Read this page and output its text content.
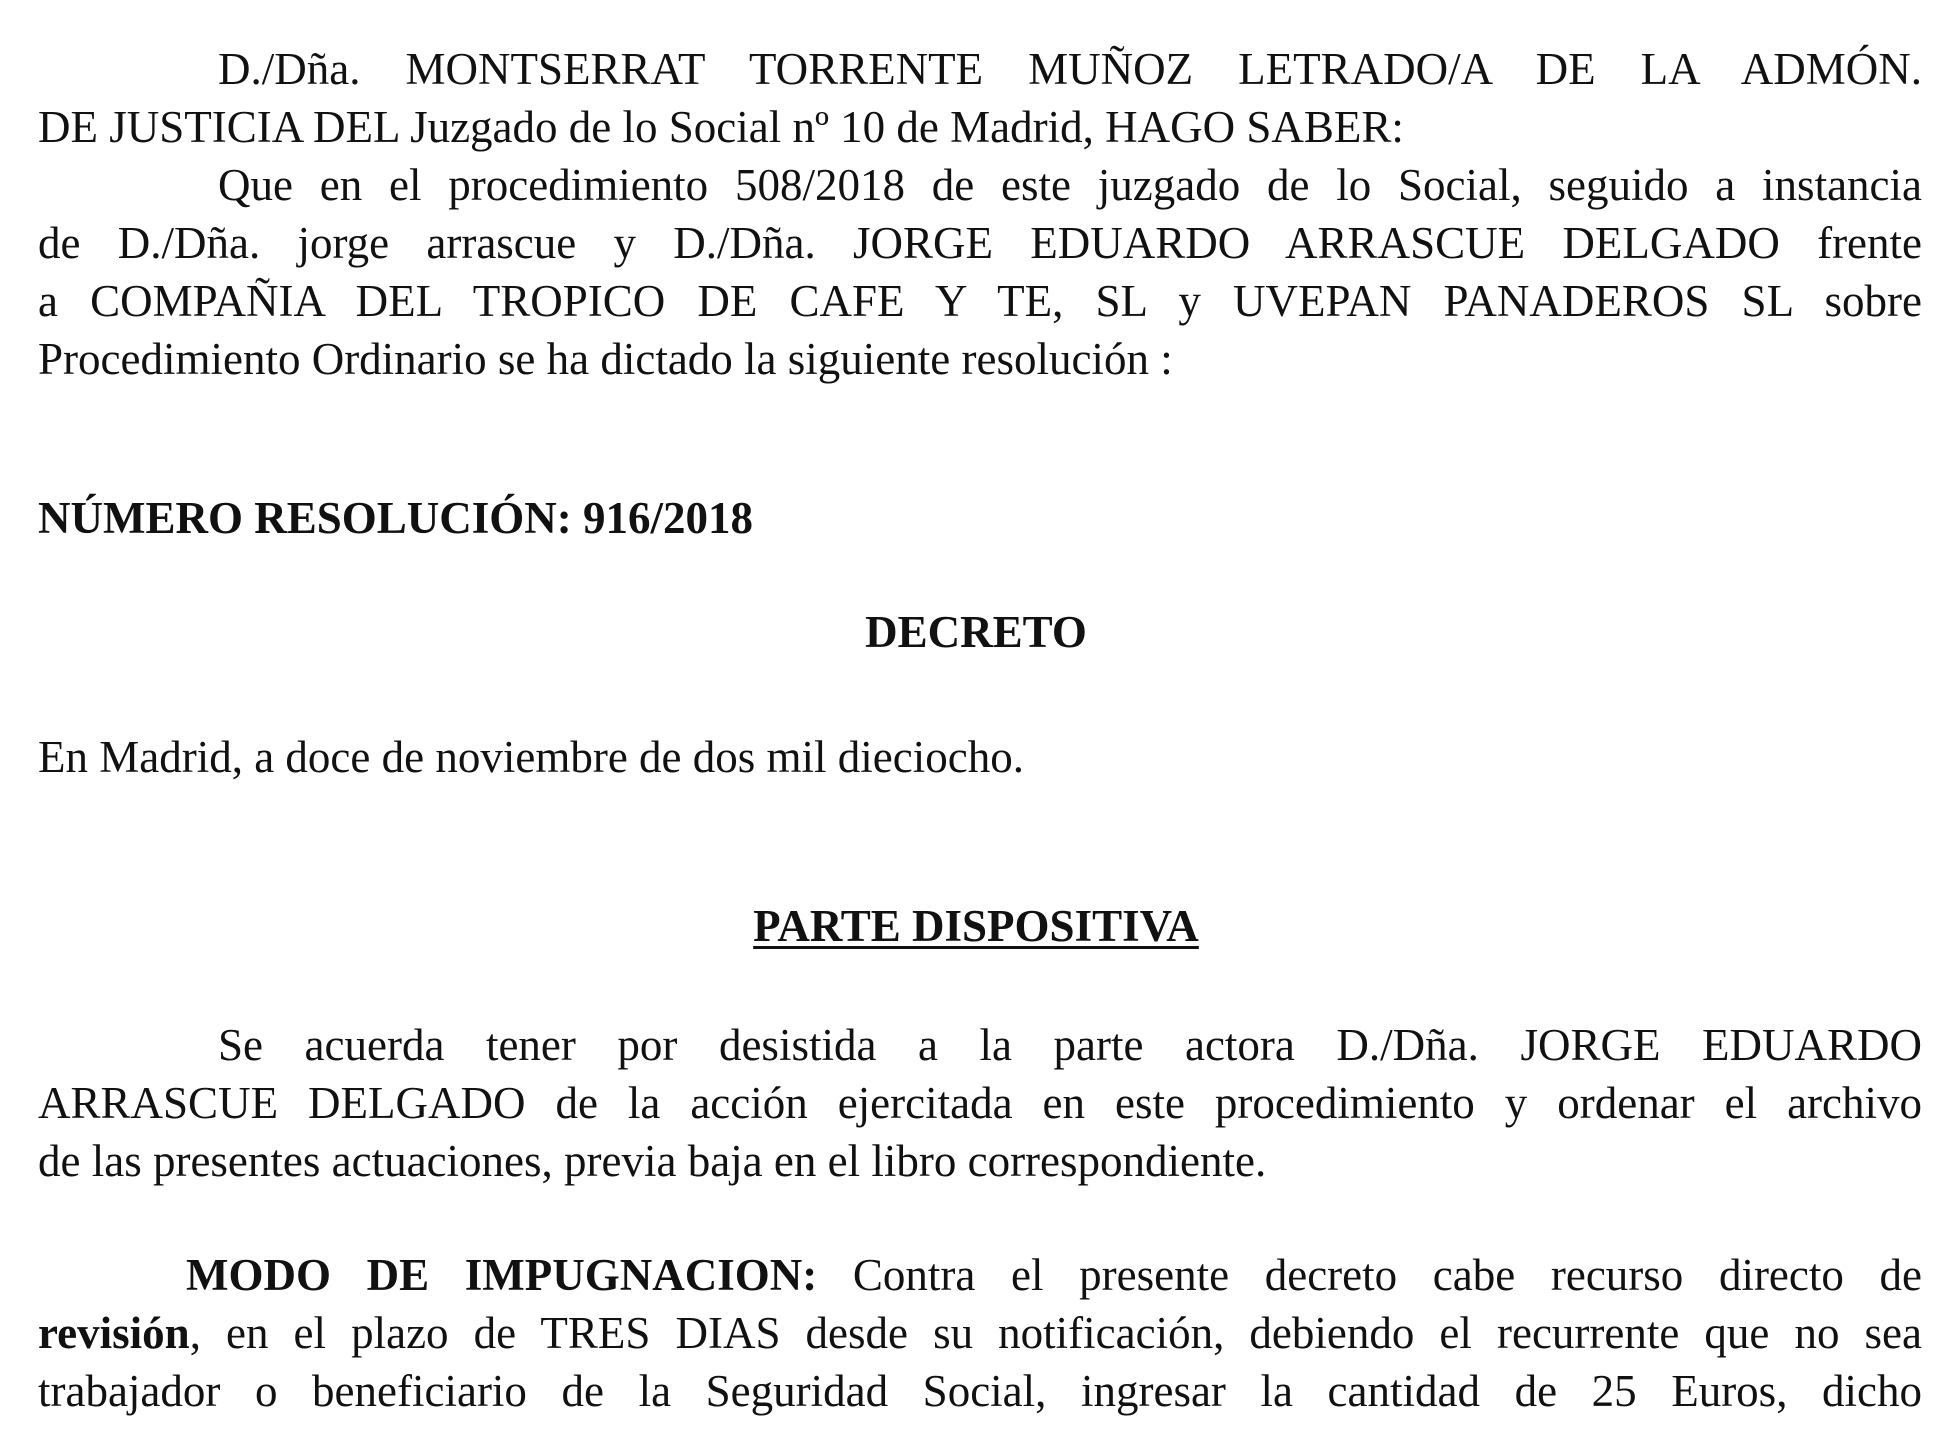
D./Dña. MONTSERRAT TORRENTE MUÑOZ LETRADO/A DE LA ADMÓN.
DE JUSTICIA DEL Juzgado de lo Social nº 10 de Madrid, HAGO SABER:
Que en el procedimiento 508/2018 de este juzgado de lo Social, seguido a instancia
de D./Dña. jorge arrascue y D./Dña. JORGE EDUARDO ARRASCUE DELGADO frente
a COMPAÑIA DEL TROPICO DE CAFE Y TE, SL y UVEPAN PANADEROS SL sobre
Procedimiento Ordinario se ha dictado la siguiente resolución :

NÚMERO RESOLUCIÓN: 916/2018

DECRETO

En Madrid, a doce de noviembre de dos mil dieciocho.

PARTE DISPOSITIVA

Se acuerda tener por desistida a la parte actora D./Dña. JORGE EDUARDO
ARRASCUE DELGADO de la acción ejercitada en este procedimiento y ordenar el archivo
de las presentes actuaciones, previa baja en el libro correspondiente.
MODO DE IMPUGNACION: Contra el presente decreto cabe recurso directo de
revisión, en el plazo de TRES DIAS desde su notificación, debiendo el recurrente que no sea
trabajador o beneficiario de la Seguridad Social, ingresar la cantidad de 25 Euros, dicho
